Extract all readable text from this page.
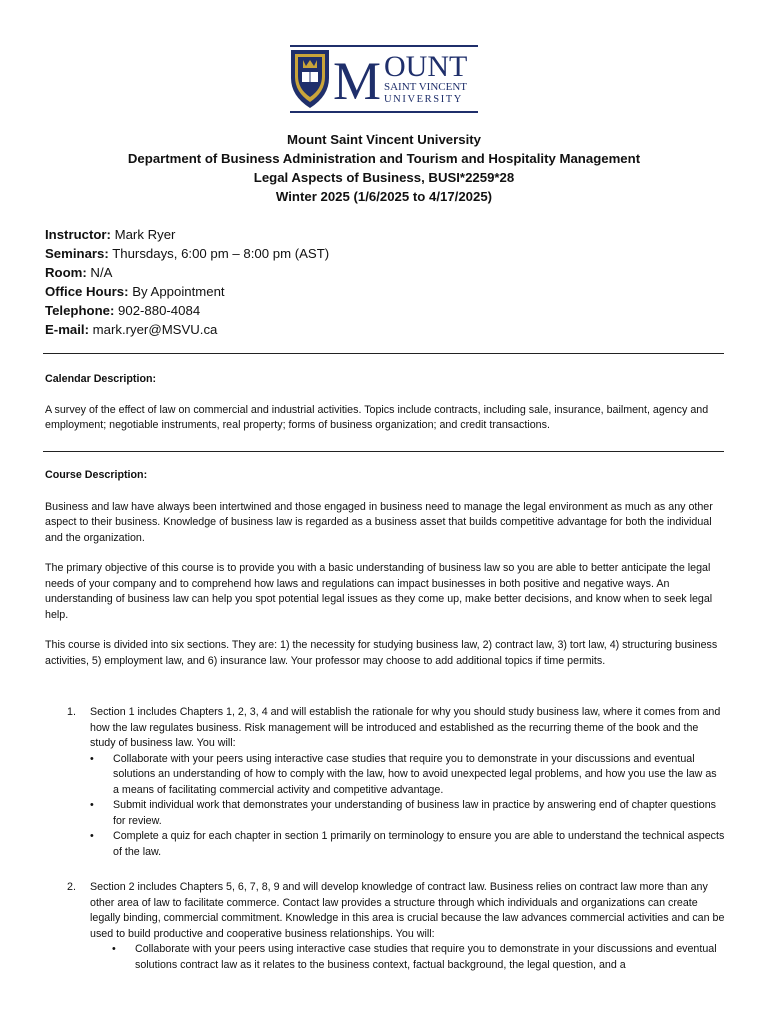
M OUNT
SAINT VINCENT
UNIVERSITY
Mount Saint Vincent University
Department of Business Administration and Tourism and Hospitality Management
Legal Aspects of Business, BUSI*2259*28
Winter 2025 (1/6/2025 to 4/17/2025)
Instructor: Mark Ryer
Seminars: Thursdays, 6:00 pm – 8:00 pm (AST)
Room: N/A
Office Hours: By Appointment
Telephone: 902-880-4084
E-mail: mark.ryer@MSVU.ca

Calendar Description:

A survey of the effect of law on commercial and industrial activities. Topics include contracts, including sale, insurance, bailment, agency and employment; negotiable instruments, real property; forms of business organization; and credit transactions.

Course Description:

Business and law have always been intertwined and those engaged in business need to manage the legal environment as much as any other aspect to their business. Knowledge of business law is regarded as a business asset that builds competitive advantage for both the individual and the organization.

The primary objective of this course is to provide you with a basic understanding of business law so you are able to better anticipate the legal needs of your company and to comprehend how laws and regulations can impact businesses in both positive and negative ways. An understanding of business law can help you spot potential legal issues as they come up, make better decisions, and know when to seek legal help.

This course is divided into six sections. They are: 1) the necessity for studying business law, 2) contract law, 3) tort law, 4) structuring business activities, 5) employment law, and 6) insurance law. Your professor may choose to add additional topics if time permits.

1. Section 1 includes Chapters 1, 2, 3, 4 and will establish the rationale for why you should study business law, where it comes from and how the law regulates business. Risk management will be introduced and established as the recurring theme of the book and the study of business law. You will:

• Collaborate with your peers using interactive case studies that require you to demonstrate in your discussions and eventual solutions an understanding of how to comply with the law, how to avoid unexpected legal problems, and how you use the law as a means of facilitating commercial activity and competitive advantage.
• Submit individual work that demonstrates your understanding of business law in practice by answering end of chapter questions for review.
• Complete a quiz for each chapter in section 1 primarily on terminology to ensure you are able to understand the technical aspects of the law.
2. Section 2 includes Chapters 5, 6, 7, 8, 9 and will develop knowledge of contract law. Business relies on contract law more than any other area of law to facilitate commerce. Contact law provides a structure through which individuals and organizations can create legally binding, commercial commitment. Knowledge in this area is crucial because the law advances commercial activities and can be used to build productive and cooperative business relationships. You will:

• Collaborate with your peers using interactive case studies that require you to demonstrate in your discussions and eventual solutions contract law as it relates to the business context, factual background, the legal question, and a
